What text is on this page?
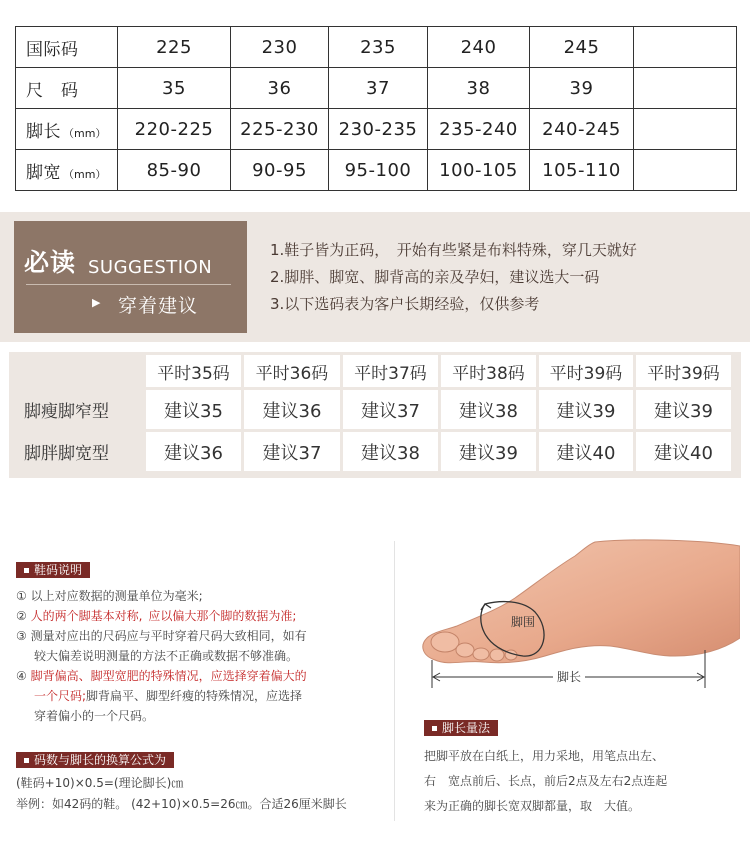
国际码	225	230	235	240	245	
尺　码	35	36	37	38	39	
脚长 （mm）	220-225	225-230	230-235	235-240	240-245	
脚宽 （mm）	85-90	90-95	95-100	100-105	105-110	
必读 SUGGESTION
▶ 穿着建议
1.鞋子皆为正码，　开始有些紧是布料特殊，穿几天就好
2.脚胖、脚宽、脚背高的亲及孕妇，建议选大一码
3.以下选码表为客户长期经验，仅供参考
	平时35码	平时36码	平时37码	平时38码	平时39码	平时39码
脚瘦脚窄型	建议35	建议36	建议37	建议38	建议39	建议39
脚胖脚宽型	建议36	建议37	建议38	建议39	建议40	建议40
鞋码说明
① 以上对应数据的测量单位为毫米;
② 人的两个脚基本对称, 应以偏大那个脚的数据为准;
③ 测量对应出的尺码应与平时穿着尺码大致相同，如有
较大偏差说明测量的方法不正确或数据不够准确。
④ 脚背偏高、脚型宽肥的特殊情况，应选择穿着偏大的
一个尺码;脚背扁平、脚型纤瘦的特殊情况，应选择
穿着偏小的一个尺码。
码数与脚长的换算公式为
(鞋码+10)×0.5=(理论脚长)㎝
举例：如42码的鞋。 (42+10)×0.5=26㎝。合适26厘米脚长
脚围
脚长
脚长量法
把脚平放在白纸上，用力采地，用笔点出左、
右　宽点前后、长点，前后2点及左右2点连起
来为正确的脚长宽双脚都量，取　大值。
